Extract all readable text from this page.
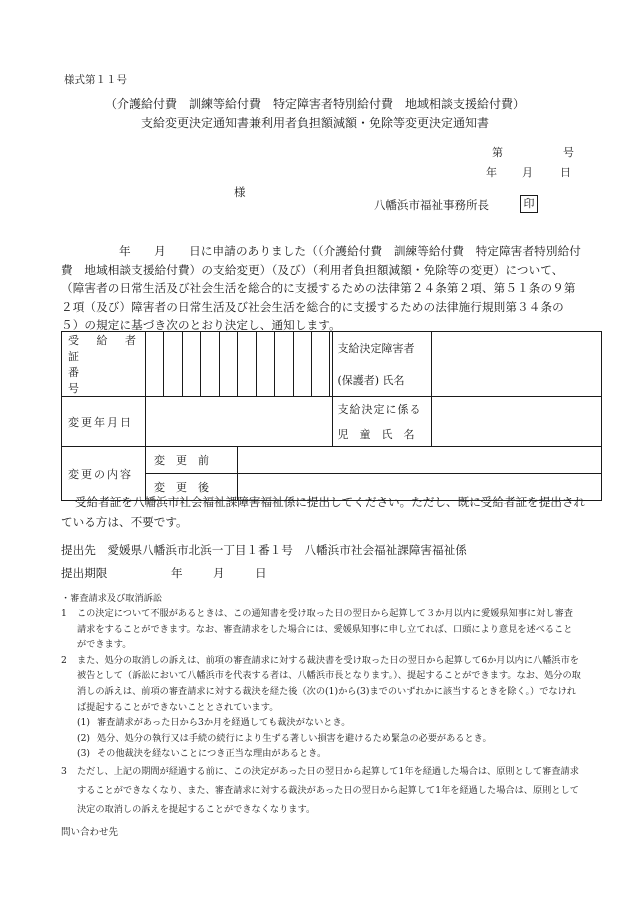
様式第１１号
（介護給付費　訓練等給付費　特定障害者特別給付費　地域相談支援給付費）
支給変更決定通知書兼利用者負担額減額・免除等変更決定通知書
第	号
年 月 日
様
八幡浜市福祉事務所長	印
年　　月　　日に申請のありました（（介護給付費　訓練等給付費　特定障害者特別給付費　地域相談支援給付費）の支給変更）（及び）（利用者負担額減額・免除等の変更）について、（障害者の日常生活及び社会生活を総合的に支援するための法律第２４条第２項、第５１条の９第２項（及び）障害者の日常生活及び社会生活を総合的に支援するための法律施行規則第３４条の５）の規定に基づき次のとおり決定し、通知します。
受 給 者 証												支給決定障害者	
番　　　号												(保護者) 氏名	
変更年月日												支給決定に係る	
												児　童　氏　名	
変更の内容	変　更　前												
	変　更　後												
受給者証を八幡浜市社会福祉課障害福祉係に提出してください。ただし、既に受給者証を提出されている方は、不要です。
提出先　愛媛県八幡浜市北浜一丁目１番１号　八幡浜市社会福祉課障害福祉係
提出期限	年	月	日
・審査請求及び取消訴訟
1 この決定について不服があるときは、この通知書を受け取った日の翌日から起算して３か月以内に愛媛県知事に対し審査請求をすることができます。なお、審査請求をした場合には、愛媛県知事に申し立てれば、口頭により意見を述べることができます。
2 また、処分の取消しの訴えは、前項の審査請求に対する裁決書を受け取った日の翌日から起算して6か月以内に八幡浜市を被告として（訴訟において八幡浜市を代表する者は、八幡浜市長となります。）、提起することができます。なお、処分の取消しの訴えは、前項の審査請求に対する裁決を経た後（次の(1)から(3)までのいずれかに該当するときを除く。）でなければ提起することができないこととされています。
(1) 審査請求があった日から3か月を経過しても裁決がないとき。
(2) 処分、処分の執行又は手続の続行により生ずる著しい損害を避けるため緊急の必要があるとき。
(3) その他裁決を経ないことにつき正当な理由があるとき。
3 ただし、上記の期間が経過する前に、この決定があった日の翌日から起算して1年を経過した場合は、原則として審査請求することができなくなり、また、審査請求に対する裁決があった日の翌日から起算して1年を経過した場合は、原則として決定の取消しの訴えを提起することができなくなります。
問い合わせ先
